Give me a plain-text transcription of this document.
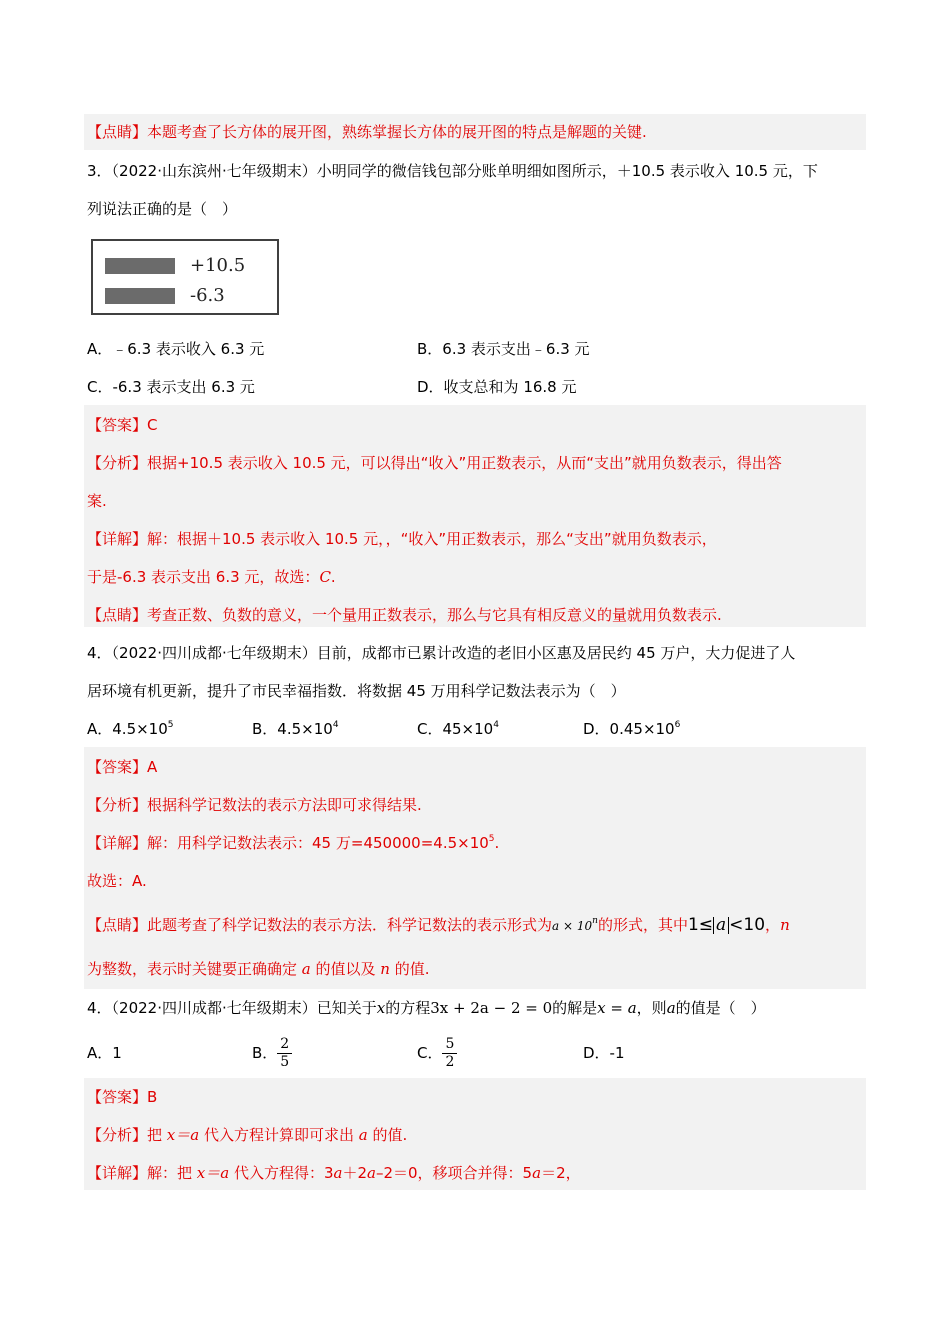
【点睛】本题考查了长方体的展开图，熟练掌握长方体的展开图的特点是解题的关键.
3．（2022·山东滨州·七年级期末）小明同学的微信钱包部分账单明细如图所示，＋10.5 表示收入 10.5 元，下
列说法正确的是（　）
+10.5
-6.3
A．﹣6.3 表示收入 6.3 元	B．6.3 表示支出﹣6.3 元
C．-6.3 表示支出 6.3 元	D．收支总和为 16.8 元
【答案】C
【分析】根据+10.5 表示收入 10.5 元，可以得出“收入”用正数表示，从而“支出”就用负数表示，得出答
案.
【详解】解：根据＋10.5 表示收入 10.5 元，，“收入”用正数表示，那么“支出”就用负数表示，
于是-6.3 表示支出 6.3 元，故选：C.
【点睛】考查正数、负数的意义，一个量用正数表示，那么与它具有相反意义的量就用负数表示.
4．（2022·四川成都·七年级期末）目前，成都市已累计改造的老旧小区惠及居民约 45 万户，大力促进了人
居环境有机更新，提升了市民幸福指数．将数据 45 万用科学记数法表示为（　）
A．$4.5\times 10^5$	B．$4.5\times 10^4$	C．$45\times 10^4$	D．$0.45\times 10^6$
【答案】A
【分析】根据科学记数法的表示方法即可求得结果.
【详解】解：用科学记数法表示：45 万$=450000=4.5\times 10^5$.
故选：A.
【点睛】此题考查了科学记数法的表示方法．科学记数法的表示形式为$a \times 10^n$的形式，其中1≤ a <10，n
为整数，表示时关键要正确确定 a 的值以及 n 的值.
4．（2022·四川成都·七年级期末）已知关于x的方程3x + 2a − 2 = 0的解是x = a，则a的值是（　）
A．1	B． $\frac{2}{5}$	C． $\frac{5}{2}$	D．-1
【答案】B
【分析】把 x＝a 代入方程计算即可求出 a 的值.
【详解】解：把 x＝a 代入方程得：3a＋2a–2＝0，移项合并得：5a＝2，
